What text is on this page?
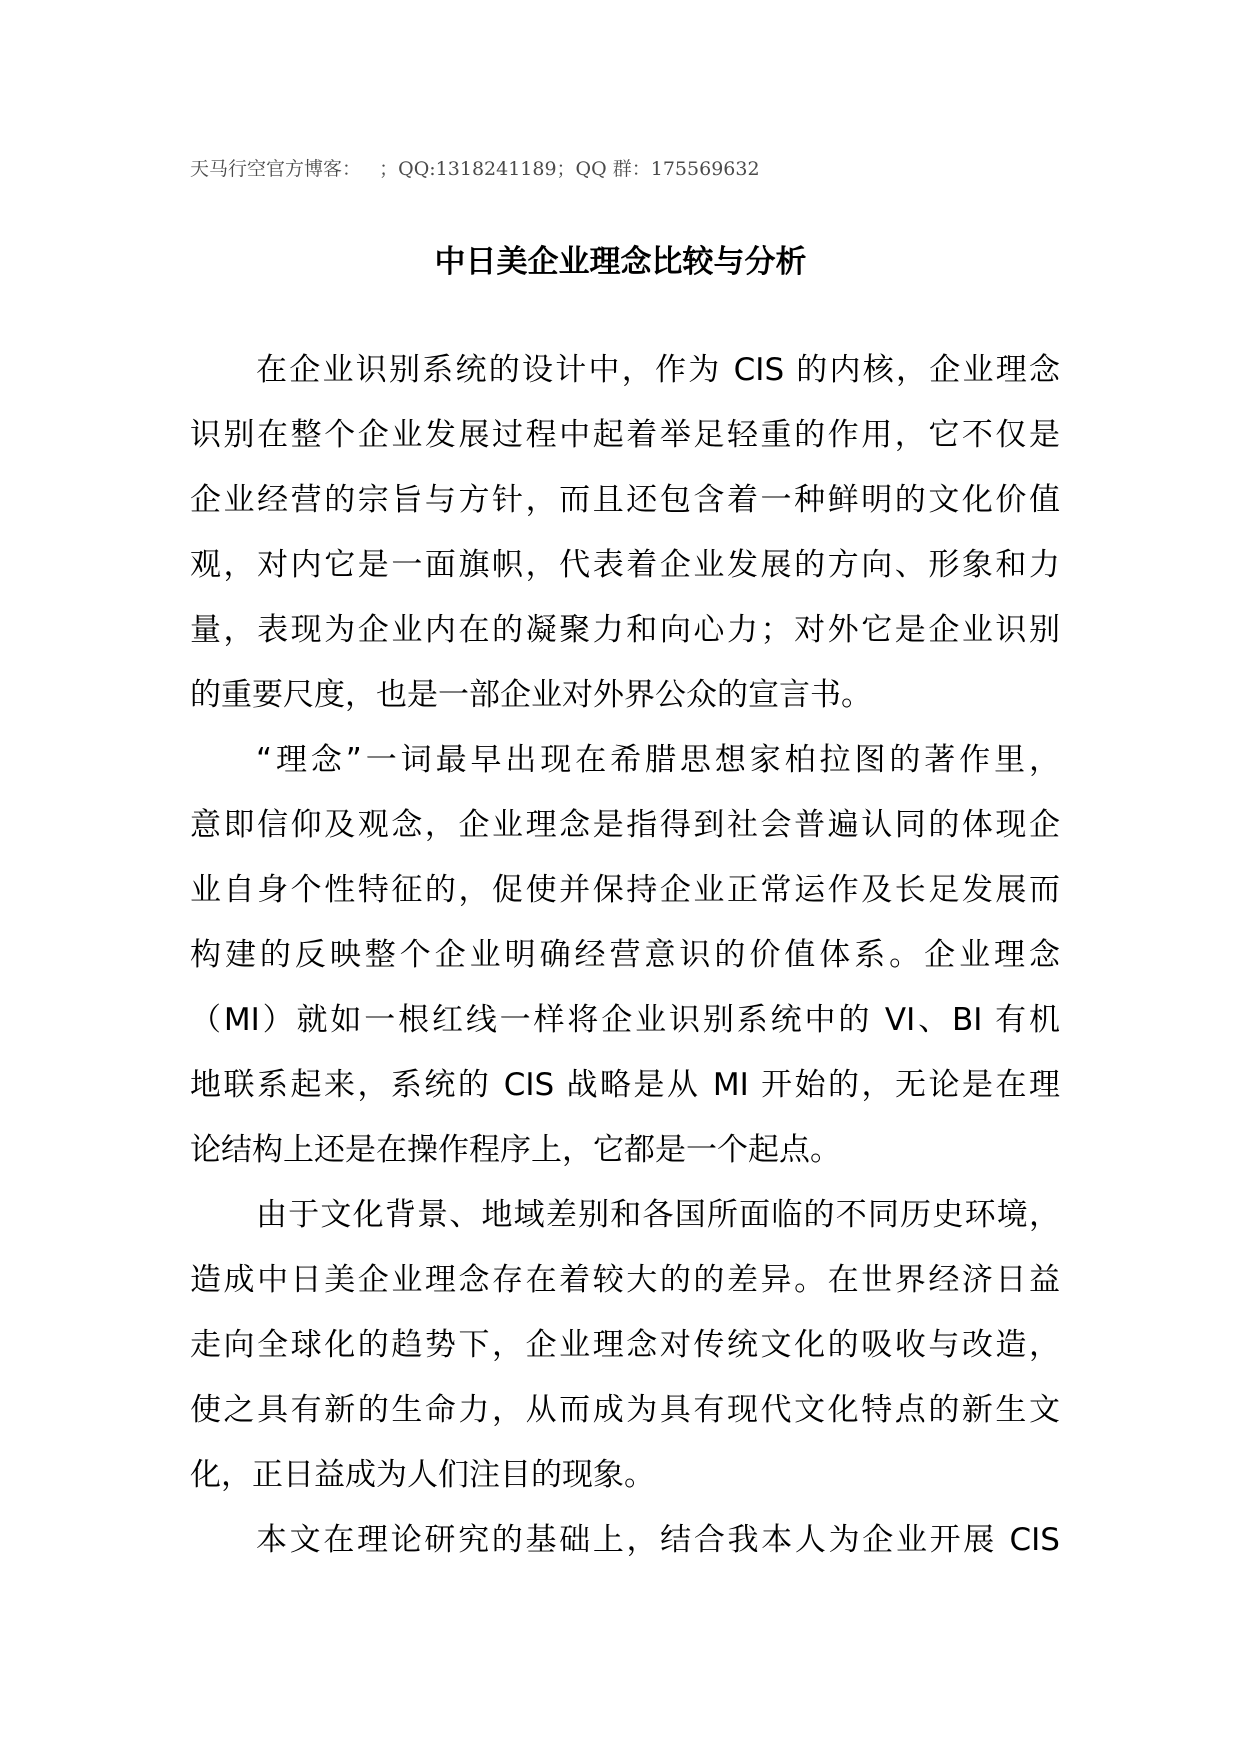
天马行空官方博客：   ；QQ:1318241189；QQ 群：175569632
中日美企业理念比较与分析
在企业识别系统的设计中，作为 CIS 的内核，企业理念
识别在整个企业发展过程中起着举足轻重的作用，它不仅是
企业经营的宗旨与方针，而且还包含着一种鲜明的文化价值
观，对内它是一面旗帜，代表着企业发展的方向、形象和力
量，表现为企业内在的凝聚力和向心力；对外它是企业识别
的重要尺度，也是一部企业对外界公众的宣言书。
“理念”一词最早出现在希腊思想家柏拉图的著作里，
意即信仰及观念，企业理念是指得到社会普遍认同的体现企
业自身个性特征的，促使并保持企业正常运作及长足发展而
构建的反映整个企业明确经营意识的价值体系。企业理念
（MI）就如一根红线一样将企业识别系统中的 VI、BI 有机
地联系起来，系统的 CIS 战略是从 MI 开始的，无论是在理
论结构上还是在操作程序上，它都是一个起点。
由于文化背景、地域差别和各国所面临的不同历史环境，
造成中日美企业理念存在着较大的的差异。在世界经济日益
走向全球化的趋势下，企业理念对传统文化的吸收与改造，
使之具有新的生命力，从而成为具有现代文化特点的新生文
化，正日益成为人们注目的现象。
本文在理论研究的基础上，结合我本人为企业开展 CIS
